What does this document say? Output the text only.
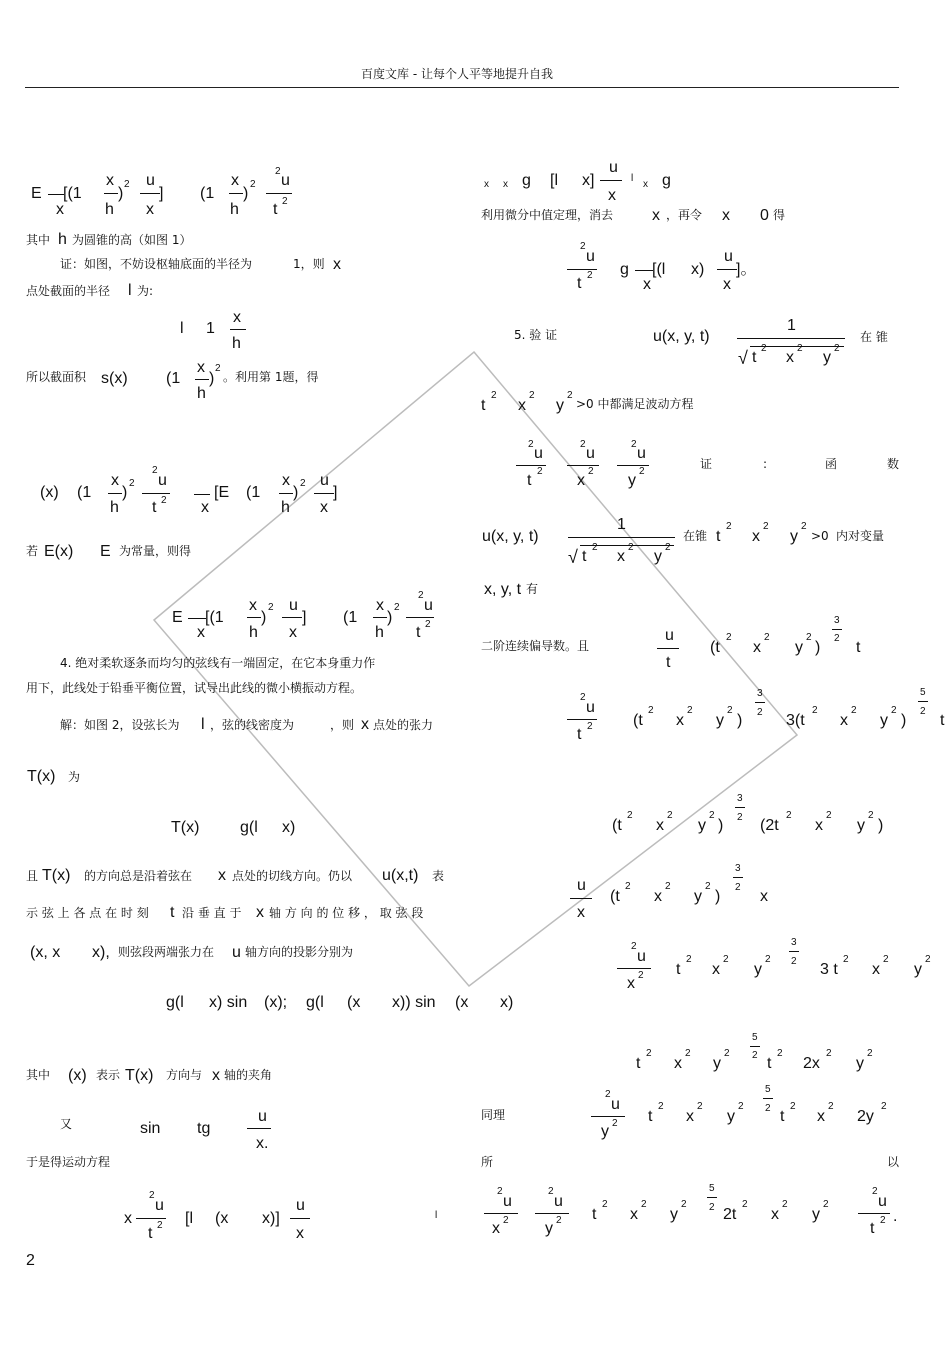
百度文库 - 让每个人平等地提升自我
E
x
[(1
x
h
)
2 u
x
] (1
x
h
)
2
2
u
t 2
其中 h 为圆锥的高（如图 1）
证：如图，不妨设枢轴底面的半径为	1，则 x
点处截面的半径 l 为:
l 1
x
h
所以截面积 s(x) (1
x
h
)
2
。利用第 1题，得
(x) (1
x
h
)
2
2
u
t 2 x
[E (1
x
h
)
2 u
x
]
若 E(x) E 为常量，则得
E
x
[(1
x
h
)
2 u
x
] (1
x
h
)
2
2
u
t 2
4. 绝对柔软逐条而均匀的弦线有一端固定，在它本身重力作
用下，此线处于铅垂平衡位置，试导出此线的微小横振动方程。
解：如图 2，设弦长为 l ，弦的线密度为	，则 x 点处的张力
T(x) 为
T(x)	g(l x)
且 T(x) 的方向总是沿着弦在 x 点处的切线方向。仍以 u(x,t) 表
示 弦 上 各 点 在 时 刻 t 沿 垂 直 于 x 轴 方 向 的 位 移 ， 取 弦 段
(x, x x), 则弦段两端张力在 u 轴方向的投影分别为
g(l x) sin (x); g(l (x x)) sin (x x)
其中 (x) 表示 T(x) 方向与 x 轴的夹角
又	sin tg
u
x.
于是得运动方程
x
2
u
t 2 [l (x x)]
u
x
l
2
x x g [l x]
u
x
l
x g
利用微分中值定理，消去 x ，再令 x 0 得
2
u
t 2 g
x
[(l x)
u
x
]。
5. 验 证	u(x, y, t)
1
√ t
2
x
2
y
2
在 锥
t
2
x
2
y
2
>0 中都满足波动方程
2
u
t
2
2
u
x
2
2
u
y
2
证	:	函	数
u(x, y, t)
1
√ t
2
x
2
y
2
在锥 t
2
x
2
y
2
>0 内对变量
x, y, t 有
二阶连续偏导数。且
u
t
(t
2
x
2
y
2
)
3
2
t
2
u
t 2	(t
2
x
2
y
2
)
3
2 3(t
2
x
2
y
2
)
5
2
t
(t
2
x
2
y
2
)
3
2 (2t
2
x
2
y
2
)
u
x
(t
2
x
2
y
2
)
3
2
x
2
u
x 2 t
2
x
2
y
2
3
2 3 t
2
x
2
y
2
t
2
x
2
y
2
5
2 t
2
2x
2
y
2
同理
2
u
y 2 t
2
x
2
y
2
5
2 t
2
x
2
2y
2
所	以
2
u
x 2
2
u
y 2 t
2
x
2
y
2
5
2 2t
2
x
2
y
2
2
u
t 2 .
